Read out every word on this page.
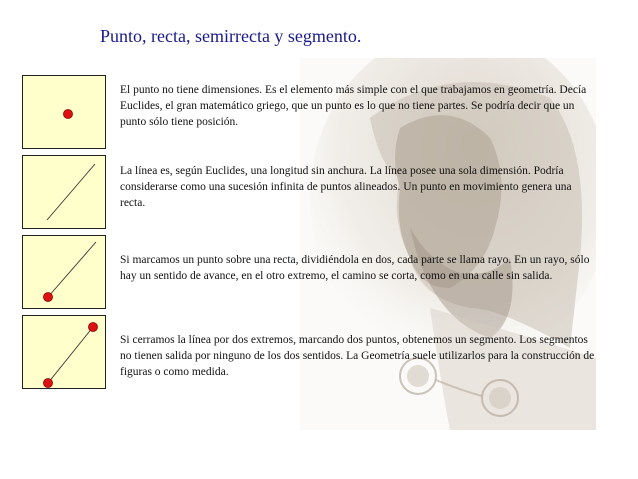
Punto, recta, semirrecta y segmento.
El punto no tiene dimensiones. Es el elemento más simple con el que trabajamos en geometría. Decía Euclides, el gran matemático griego, que un punto es lo que no tiene partes. Se podría decir que un punto sólo tiene posición.
La línea es, según Euclides, una longitud sin anchura. La línea posee una sola dimensión. Podría considerarse como una sucesión infinita de puntos alineados. Un punto en movimiento genera una recta.
Si marcamos un punto sobre una recta, dividiéndola en dos, cada parte se llama rayo. En un rayo, sólo hay un sentido de avance, en el otro extremo, el camino se corta, como en una calle sin salida.
Si cerramos la línea por dos extremos, marcando dos puntos, obtenemos un segmento. Los segmentos no tienen salida por ninguno de los dos sentidos. La Geometría suele utilizarlos para la construcción de figuras o como medida.
